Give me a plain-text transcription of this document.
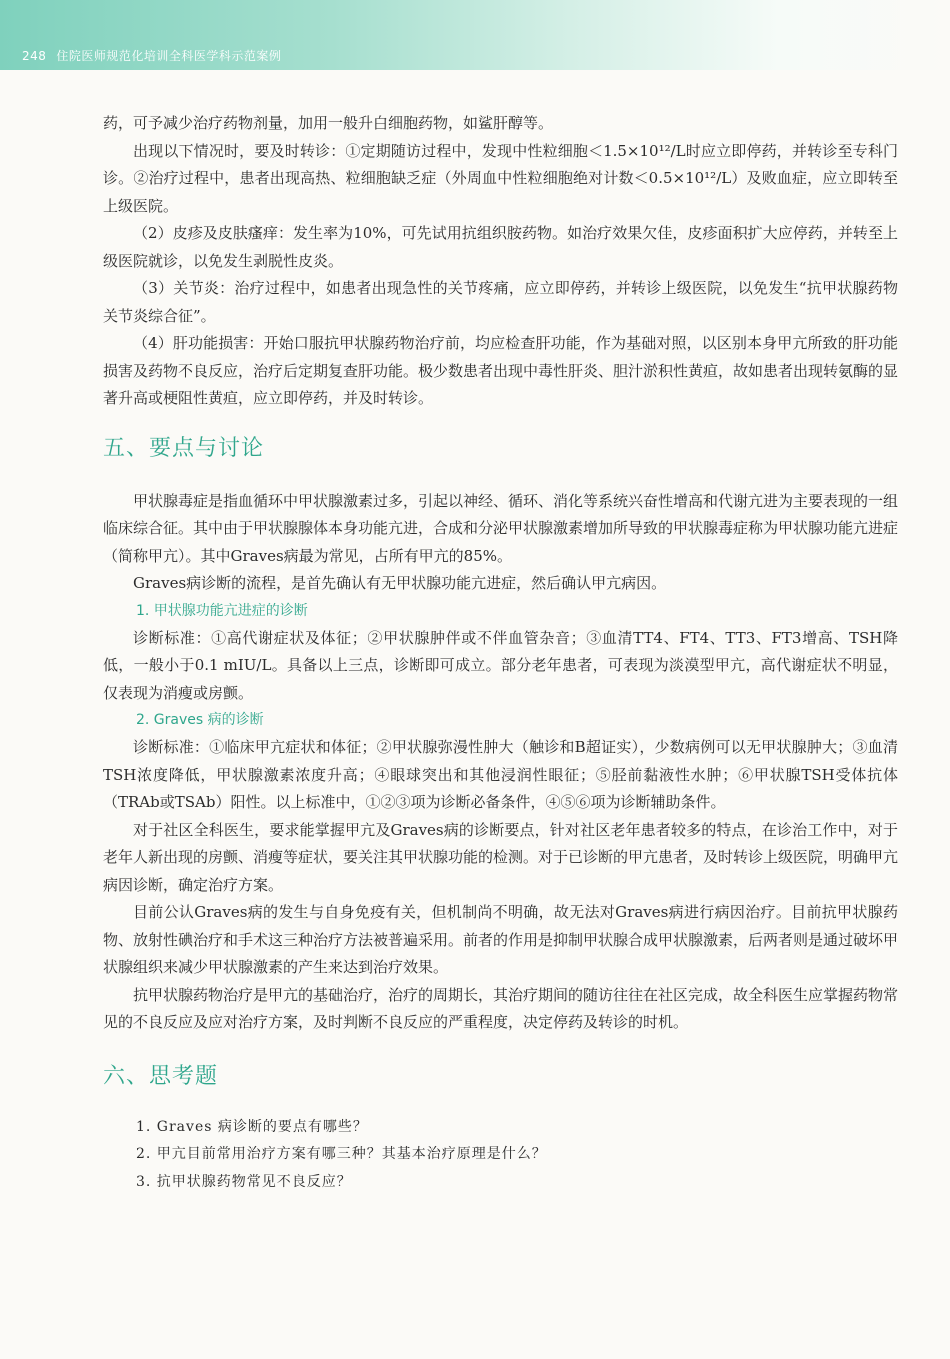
248 住院医师规范化培训全科医学科示范案例

药，可予减少治疗药物剂量，加用一般升白细胞药物，如鲨肝醇等。

出现以下情况时，要及时转诊：①定期随访过程中，发现中性粒细胞＜1.5×10¹²/L时应立即停药，并转诊至专科门诊。②治疗过程中，患者出现高热、粒细胞缺乏症（外周血中性粒细胞绝对计数＜0.5×10¹²/L）及败血症，应立即转至上级医院。

（2）皮疹及皮肤瘙痒：发生率为10%，可先试用抗组织胺药物。如治疗效果欠佳，皮疹面积扩大应停药，并转至上级医院就诊，以免发生剥脱性皮炎。

（3）关节炎：治疗过程中，如患者出现急性的关节疼痛，应立即停药，并转诊上级医院，以免发生“抗甲状腺药物关节炎综合征”。

（4）肝功能损害：开始口服抗甲状腺药物治疗前，均应检查肝功能，作为基础对照，以区别本身甲亢所致的肝功能损害及药物不良反应，治疗后定期复查肝功能。极少数患者出现中毒性肝炎、胆汁淤积性黄疸，故如患者出现转氨酶的显著升高或梗阻性黄疸，应立即停药，并及时转诊。

五、要点与讨论

甲状腺毒症是指血循环中甲状腺激素过多，引起以神经、循环、消化等系统兴奋性增高和代谢亢进为主要表现的一组临床综合征。其中由于甲状腺腺体本身功能亢进，合成和分泌甲状腺激素增加所导致的甲状腺毒症称为甲状腺功能亢进症（简称甲亢）。其中Graves病最为常见，占所有甲亢的85%。

Graves病诊断的流程，是首先确认有无甲状腺功能亢进症，然后确认甲亢病因。

1. 甲状腺功能亢进症的诊断

诊断标准：①高代谢症状及体征；②甲状腺肿伴或不伴血管杂音；③血清TT4、FT4、TT3、FT3增高、TSH降低，一般小于0.1 mIU/L。具备以上三点，诊断即可成立。部分老年患者，可表现为淡漠型甲亢，高代谢症状不明显，仅表现为消瘦或房颤。

2. Graves 病的诊断

诊断标准：①临床甲亢症状和体征；②甲状腺弥漫性肿大（触诊和B超证实），少数病例可以无甲状腺肿大；③血清TSH浓度降低，甲状腺激素浓度升高；④眼球突出和其他浸润性眼征；⑤胫前黏液性水肿；⑥甲状腺TSH受体抗体（TRAb或TSAb）阳性。以上标准中，①②③项为诊断必备条件，④⑤⑥项为诊断辅助条件。

对于社区全科医生，要求能掌握甲亢及Graves病的诊断要点，针对社区老年患者较多的特点，在诊治工作中，对于老年人新出现的房颤、消瘦等症状，要关注其甲状腺功能的检测。对于已诊断的甲亢患者，及时转诊上级医院，明确甲亢病因诊断，确定治疗方案。

目前公认Graves病的发生与自身免疫有关，但机制尚不明确，故无法对Graves病进行病因治疗。目前抗甲状腺药物、放射性碘治疗和手术这三种治疗方法被普遍采用。前者的作用是抑制甲状腺合成甲状腺激素，后两者则是通过破坏甲状腺组织来减少甲状腺激素的产生来达到治疗效果。

抗甲状腺药物治疗是甲亢的基础治疗，治疗的周期长，其治疗期间的随访往往在社区完成，故全科医生应掌握药物常见的不良反应及应对治疗方案，及时判断不良反应的严重程度，决定停药及转诊的时机。

六、思考题
1. Graves 病诊断的要点有哪些？
2. 甲亢目前常用治疗方案有哪三种？其基本治疗原理是什么？
3. 抗甲状腺药物常见不良反应？
